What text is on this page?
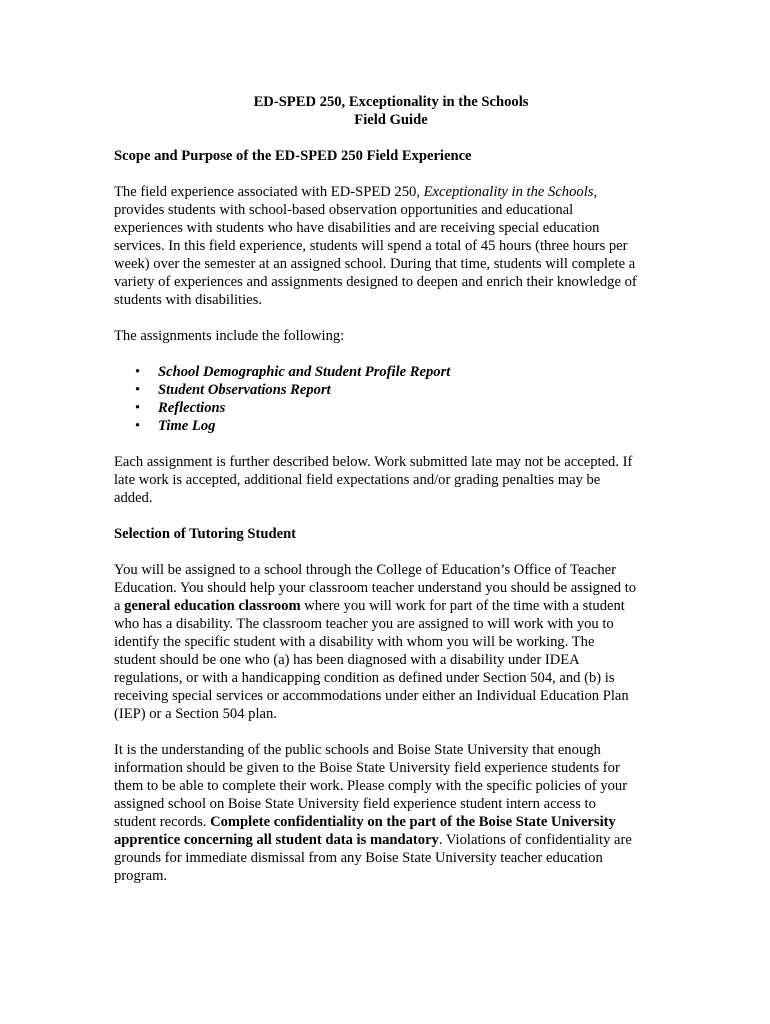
ED-SPED 250, Exceptionality in the Schools
Field Guide

Scope and Purpose of the ED-SPED 250 Field Experience

The field experience associated with ED-SPED 250, Exceptionality in the Schools,
provides students with school-based observation opportunities and educational
experiences with students who have disabilities and are receiving special education
services. In this field experience, students will spend a total of 45 hours (three hours per
week) over the semester at an assigned school. During that time, students will complete a
variety of experiences and assignments designed to deepen and enrich their knowledge of
students with disabilities.

The assignments include the following:

• School Demographic and Student Profile Report
• Student Observations Report
• Reflections
• Time Log

Each assignment is further described below. Work submitted late may not be accepted. If
late work is accepted, additional field expectations and/or grading penalties may be
added.

Selection of Tutoring Student

You will be assigned to a school through the College of Education’s Office of Teacher
Education. You should help your classroom teacher understand you should be assigned to
a general education classroom where you will work for part of the time with a student
who has a disability. The classroom teacher you are assigned to will work with you to
identify the specific student with a disability with whom you will be working. The
student should be one who (a) has been diagnosed with a disability under IDEA
regulations, or with a handicapping condition as defined under Section 504, and (b) is
receiving special services or accommodations under either an Individual Education Plan
(IEP) or a Section 504 plan.

It is the understanding of the public schools and Boise State University that enough
information should be given to the Boise State University field experience students for
them to be able to complete their work. Please comply with the specific policies of your
assigned school on Boise State University field experience student intern access to
student records. Complete confidentiality on the part of the Boise State University
apprentice concerning all student data is mandatory. Violations of confidentiality are
grounds for immediate dismissal from any Boise State University teacher education
program.
